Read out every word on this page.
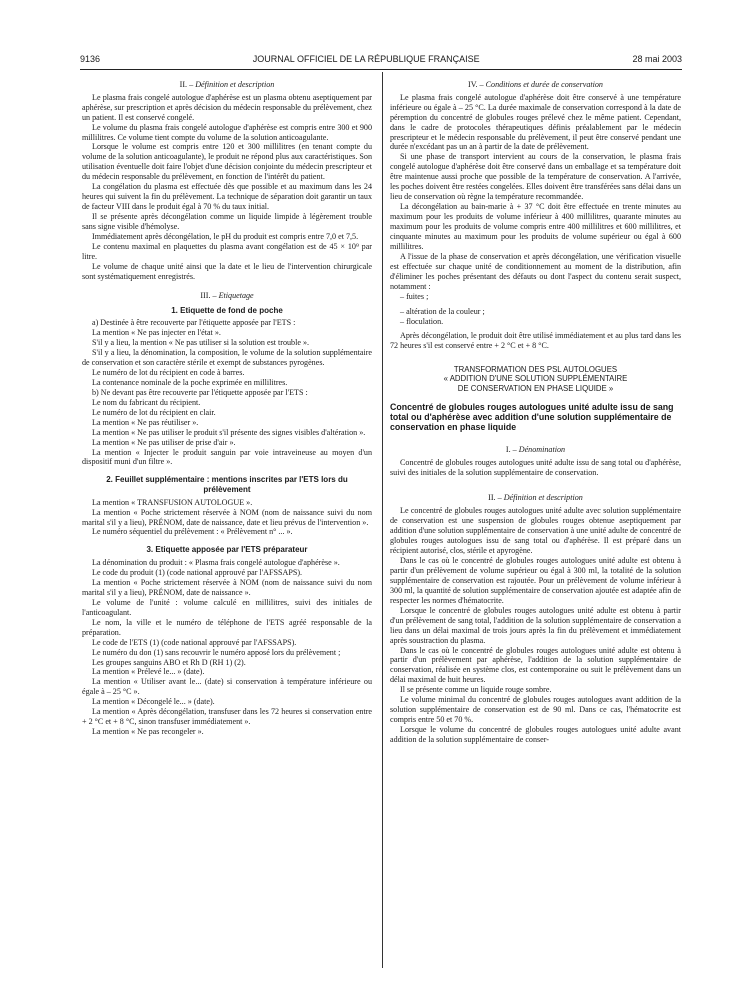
9136	JOURNAL OFFICIEL DE LA RÉPUBLIQUE FRANÇAISE	28 mai 2003
II. – Définition et description

Le plasma frais congelé autologue d'aphérèse est un plasma obtenu aseptiquement par aphérèse, sur prescription et après décision du médecin responsable du prélèvement, chez un patient. Il est conservé congelé.

Le volume du plasma frais congelé autologue d'aphérèse est compris entre 300 et 900 millilitres. Ce volume tient compte du volume de la solution anticoagulante.

Lorsque le volume est compris entre 120 et 300 millilitres (en tenant compte du volume de la solution anticoagulante), le produit ne répond plus aux caractéristiques. Son utilisation éventuelle doit faire l'objet d'une décision conjointe du médecin prescripteur et du médecin responsable du prélèvement, en fonction de l'intérêt du patient.

La congélation du plasma est effectuée dès que possible et au maximum dans les 24 heures qui suivent la fin du prélèvement. La technique de séparation doit garantir un taux de facteur VIII dans le produit égal à 70 % du taux initial.

Il se présente après décongélation comme un liquide limpide à légèrement trouble sans signe visible d'hémolyse.

Immédiatement après décongélation, le pH du produit est compris entre 7,0 et 7,5.

Le contenu maximal en plaquettes du plasma avant congélation est de 45 × 10⁹ par litre.

Le volume de chaque unité ainsi que la date et le lieu de l'intervention chirurgicale sont systématiquement enregistrés.

III. – Etiquetage
1. Etiquette de fond de poche

a) Destinée à être recouverte par l'étiquette apposée par l'ETS :

La mention « Ne pas injecter en l'état ».

S'il y a lieu, la mention « Ne pas utiliser si la solution est trouble ».

S'il y a lieu, la dénomination, la composition, le volume de la solution supplémentaire de conservation et son caractère stérile et exempt de substances pyrogènes.

Le numéro de lot du récipient en code à barres.

La contenance nominale de la poche exprimée en millilitres.

b) Ne devant pas être recouverte par l'étiquette apposée par l'ETS :

Le nom du fabricant du récipient.

Le numéro de lot du récipient en clair.

La mention « Ne pas réutiliser ».

La mention « Ne pas utiliser le produit s'il présente des signes visibles d'altération ».

La mention « Ne pas utiliser de prise d'air ».

La mention « Injecter le produit sanguin par voie intraveineuse au moyen d'un dispositif muni d'un filtre ».

2. Feuillet supplémentaire : mentions inscrites par l'ETS lors du prélèvement

La mention « TRANSFUSION AUTOLOGUE ».

La mention « Poche strictement réservée à NOM (nom de naissance suivi du nom marital s'il y a lieu), PRÉNOM, date de naissance, date et lieu prévus de l'intervention ».

Le numéro séquentiel du prélèvement : « Prélèvement n° ... ».

3. Etiquette apposée par l'ETS préparateur

La dénomination du produit : « Plasma frais congelé autologue d'aphérèse ».

Le code du produit (1) (code national approuvé par l'AFSSAPS).

La mention « Poche strictement réservée à NOM (nom de naissance suivi du nom marital s'il y a lieu), PRÉNOM, date de naissance ».

Le volume de l'unité : volume calculé en millilitres, suivi des initiales de l'anticoagulant.

Le nom, la ville et le numéro de téléphone de l'ETS agréé responsable de la préparation.

Le code de l'ETS (1) (code national approuvé par l'AFSSAPS).

Le numéro du don (1) sans recouvrir le numéro apposé lors du prélèvement ;

Les groupes sanguins ABO et Rh D (RH 1) (2).

La mention « Prélevé le... » (date).

La mention « Utiliser avant le... (date) si conservation à température inférieure ou égale à – 25 °C ».

La mention « Décongelé le... » (date).

La mention « Après décongélation, transfuser dans les 72 heures si conservation entre + 2 °C et + 8 °C, sinon transfuser immédiatement ».

La mention « Ne pas recongeler ».

IV. – Conditions et durée de conservation

Le plasma frais congelé autologue d'aphérèse doit être conservé à une température inférieure ou égale à – 25 °C. La durée maximale de conservation correspond à la date de péremption du concentré de globules rouges prélevé chez le même patient. Cependant, dans le cadre de protocoles thérapeutiques définis préalablement par le médecin prescripteur et le médecin responsable du prélèvement, il peut être conservé pendant une durée n'excédant pas un an à partir de la date de prélèvement.

Si une phase de transport intervient au cours de la conservation, le plasma frais congelé autologue d'aphérèse doit être conservé dans un emballage et sa température doit être maintenue aussi proche que possible de la température de conservation. A l'arrivée, les poches doivent être restées congelées. Elles doivent être transférées sans délai dans un lieu de conservation où règne la température recommandée.

La décongélation au bain-marie à + 37 °C doit être effectuée en trente minutes au maximum pour les produits de volume inférieur à 400 millilitres, quarante minutes au maximum pour les produits de volume compris entre 400 millilitres et 600 millilitres, et cinquante minutes au maximum pour les produits de volume supérieur ou égal à 600 millilitres.

A l'issue de la phase de conservation et après décongélation, une vérification visuelle est effectuée sur chaque unité de conditionnement au moment de la distribution, afin d'éliminer les poches présentant des défauts ou dont l'aspect du contenu serait suspect, notamment :

– fuites ;

– altération de la couleur ;

– floculation.

Après décongélation, le produit doit être utilisé immédiatement et au plus tard dans les 72 heures s'il est conservé entre + 2 °C et + 8 °C.

TRANSFORMATION DES PSL AUTOLOGUES
« ADDITION D'UNE SOLUTION SUPPLÉMENTAIRE
DE CONSERVATION EN PHASE LIQUIDE »
Concentré de globules rouges autologues unité adulte issu de sang total ou d'aphérèse avec addition d'une solution supplémentaire de conservation en phase liquide
I. – Dénomination

Concentré de globules rouges autologues unité adulte issu de sang total ou d'aphérèse, suivi des initiales de la solution supplémentaire de conservation.

II. – Définition et description

Le concentré de globules rouges autologues unité adulte avec solution supplémentaire de conservation est une suspension de globules rouges obtenue aseptiquement par addition d'une solution supplémentaire de conservation à une unité adulte de concentré de globules rouges autologues issu de sang total ou d'aphérèse. Il est préparé dans un récipient autorisé, clos, stérile et apyrogène.

Dans le cas où le concentré de globules rouges autologues unité adulte est obtenu à partir d'un prélèvement de volume supérieur ou égal à 300 ml, la totalité de la solution supplémentaire de conservation est rajoutée. Pour un prélèvement de volume inférieur à 300 ml, la quantité de solution supplémentaire de conservation ajoutée est adaptée afin de respecter les normes d'hématocrite.

Lorsque le concentré de globules rouges autologues unité adulte est obtenu à partir d'un prélèvement de sang total, l'addition de la solution supplémentaire de conservation a lieu dans un délai maximal de trois jours après la fin du prélèvement et immédiatement après soustraction du plasma.

Dans le cas où le concentré de globules rouges autologues unité adulte est obtenu à partir d'un prélèvement par aphérèse, l'addition de la solution supplémentaire de conservation, réalisée en système clos, est contemporaine ou suit le prélèvement dans un délai maximal de huit heures.

Il se présente comme un liquide rouge sombre.

Le volume minimal du concentré de globules rouges autologues avant addition de la solution supplémentaire de conservation est de 90 ml. Dans ce cas, l'hématocrite est compris entre 50 et 70 %.

Lorsque le volume du concentré de globules rouges autologues unité adulte avant addition de la solution supplémentaire de conser-
